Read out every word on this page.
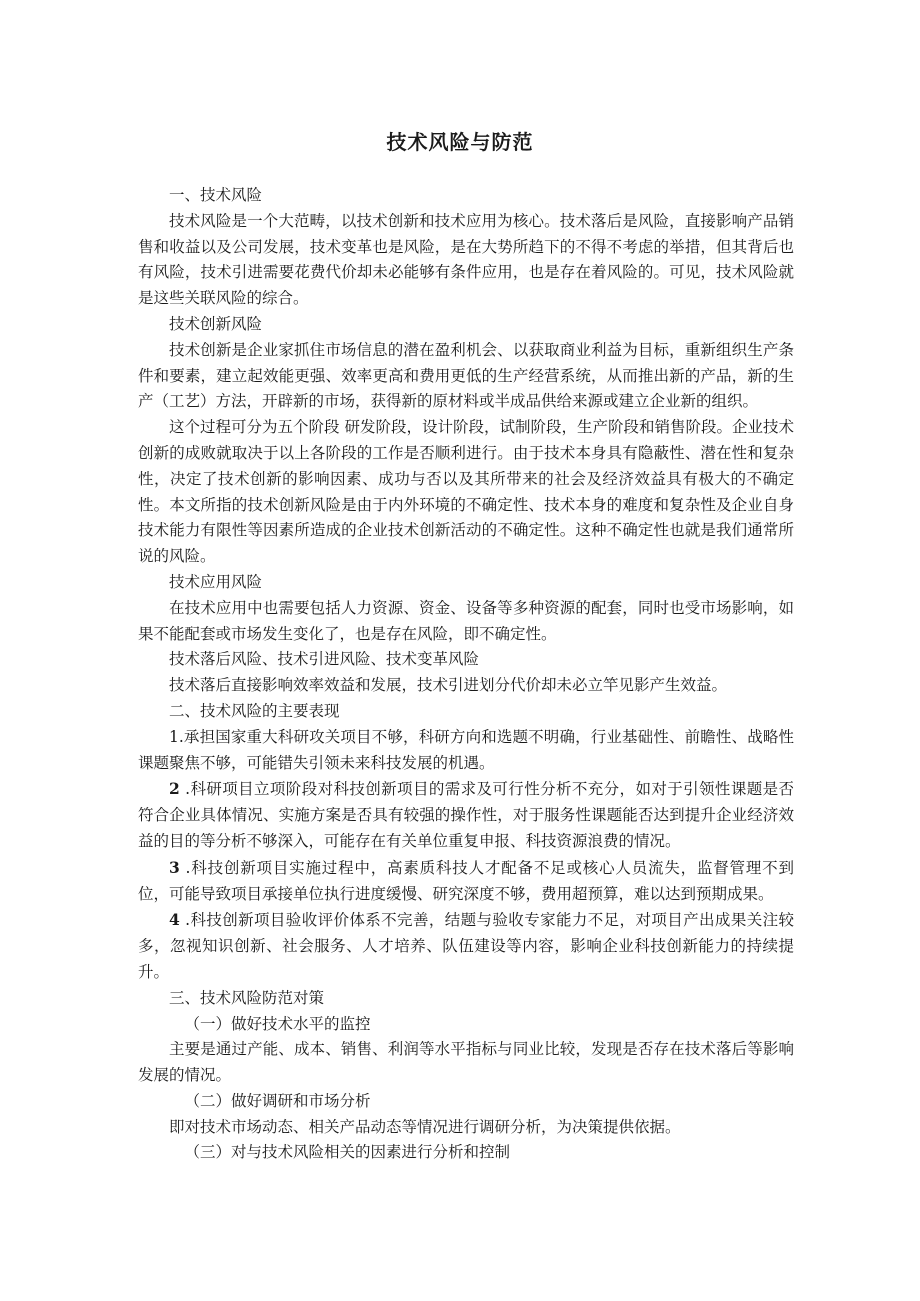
技术风险与防范

一、技术风险

技术风险是一个大范畴，以技术创新和技术应用为核心。技术落后是风险，直接影响产品销售和收益以及公司发展，技术变革也是风险，是在大势所趋下的不得不考虑的举措，但其背后也有风险，技术引进需要花费代价却未必能够有条件应用，也是存在着风险的。可见，技术风险就是这些关联风险的综合。

技术创新风险

技术创新是企业家抓住市场信息的潜在盈利机会、以获取商业利益为目标，重新组织生产条件和要素，建立起效能更强、效率更高和费用更低的生产经营系统，从而推出新的产品，新的生产（工艺）方法，开辟新的市场，获得新的原材料或半成品供给来源或建立企业新的组织。

这个过程可分为五个阶段 研发阶段，设计阶段，试制阶段，生产阶段和销售阶段。企业技术创新的成败就取决于以上各阶段的工作是否顺利进行。由于技术本身具有隐蔽性、潜在性和复杂性，决定了技术创新的影响因素、成功与否以及其所带来的社会及经济效益具有极大的不确定性。本文所指的技术创新风险是由于内外环境的不确定性、技术本身的难度和复杂性及企业自身技术能力有限性等因素所造成的企业技术创新活动的不确定性。这种不确定性也就是我们通常所说的风险。

技术应用风险

在技术应用中也需要包括人力资源、资金、设备等多种资源的配套，同时也受市场影响，如果不能配套或市场发生变化了，也是存在风险，即不确定性。

技术落后风险、技术引进风险、技术变革风险

技术落后直接影响效率效益和发展，技术引进划分代价却未必立竿见影产生效益。

二、技术风险的主要表现

1.承担国家重大科研攻关项目不够，科研方向和选题不明确，行业基础性、前瞻性、战略性课题聚焦不够，可能错失引领未来科技发展的机遇。

2 .科研项目立项阶段对科技创新项目的需求及可行性分析不充分，如对于引领性课题是否符合企业具体情况、实施方案是否具有较强的操作性，对于服务性课题能否达到提升企业经济效益的目的等分析不够深入，可能存在有关单位重复申报、科技资源浪费的情况。

3 .科技创新项目实施过程中，高素质科技人才配备不足或核心人员流失，监督管理不到位，可能导致项目承接单位执行进度缓慢、研究深度不够，费用超预算，难以达到预期成果。

4 .科技创新项目验收评价体系不完善，结题与验收专家能力不足，对项目产出成果关注较多，忽视知识创新、社会服务、人才培养、队伍建设等内容，影响企业科技创新能力的持续提升。

三、技术风险防范对策

（一）做好技术水平的监控

主要是通过产能、成本、销售、利润等水平指标与同业比较，发现是否存在技术落后等影响发展的情况。

（二）做好调研和市场分析

即对技术市场动态、相关产品动态等情况进行调研分析，为决策提供依据。

（三）对与技术风险相关的因素进行分析和控制
